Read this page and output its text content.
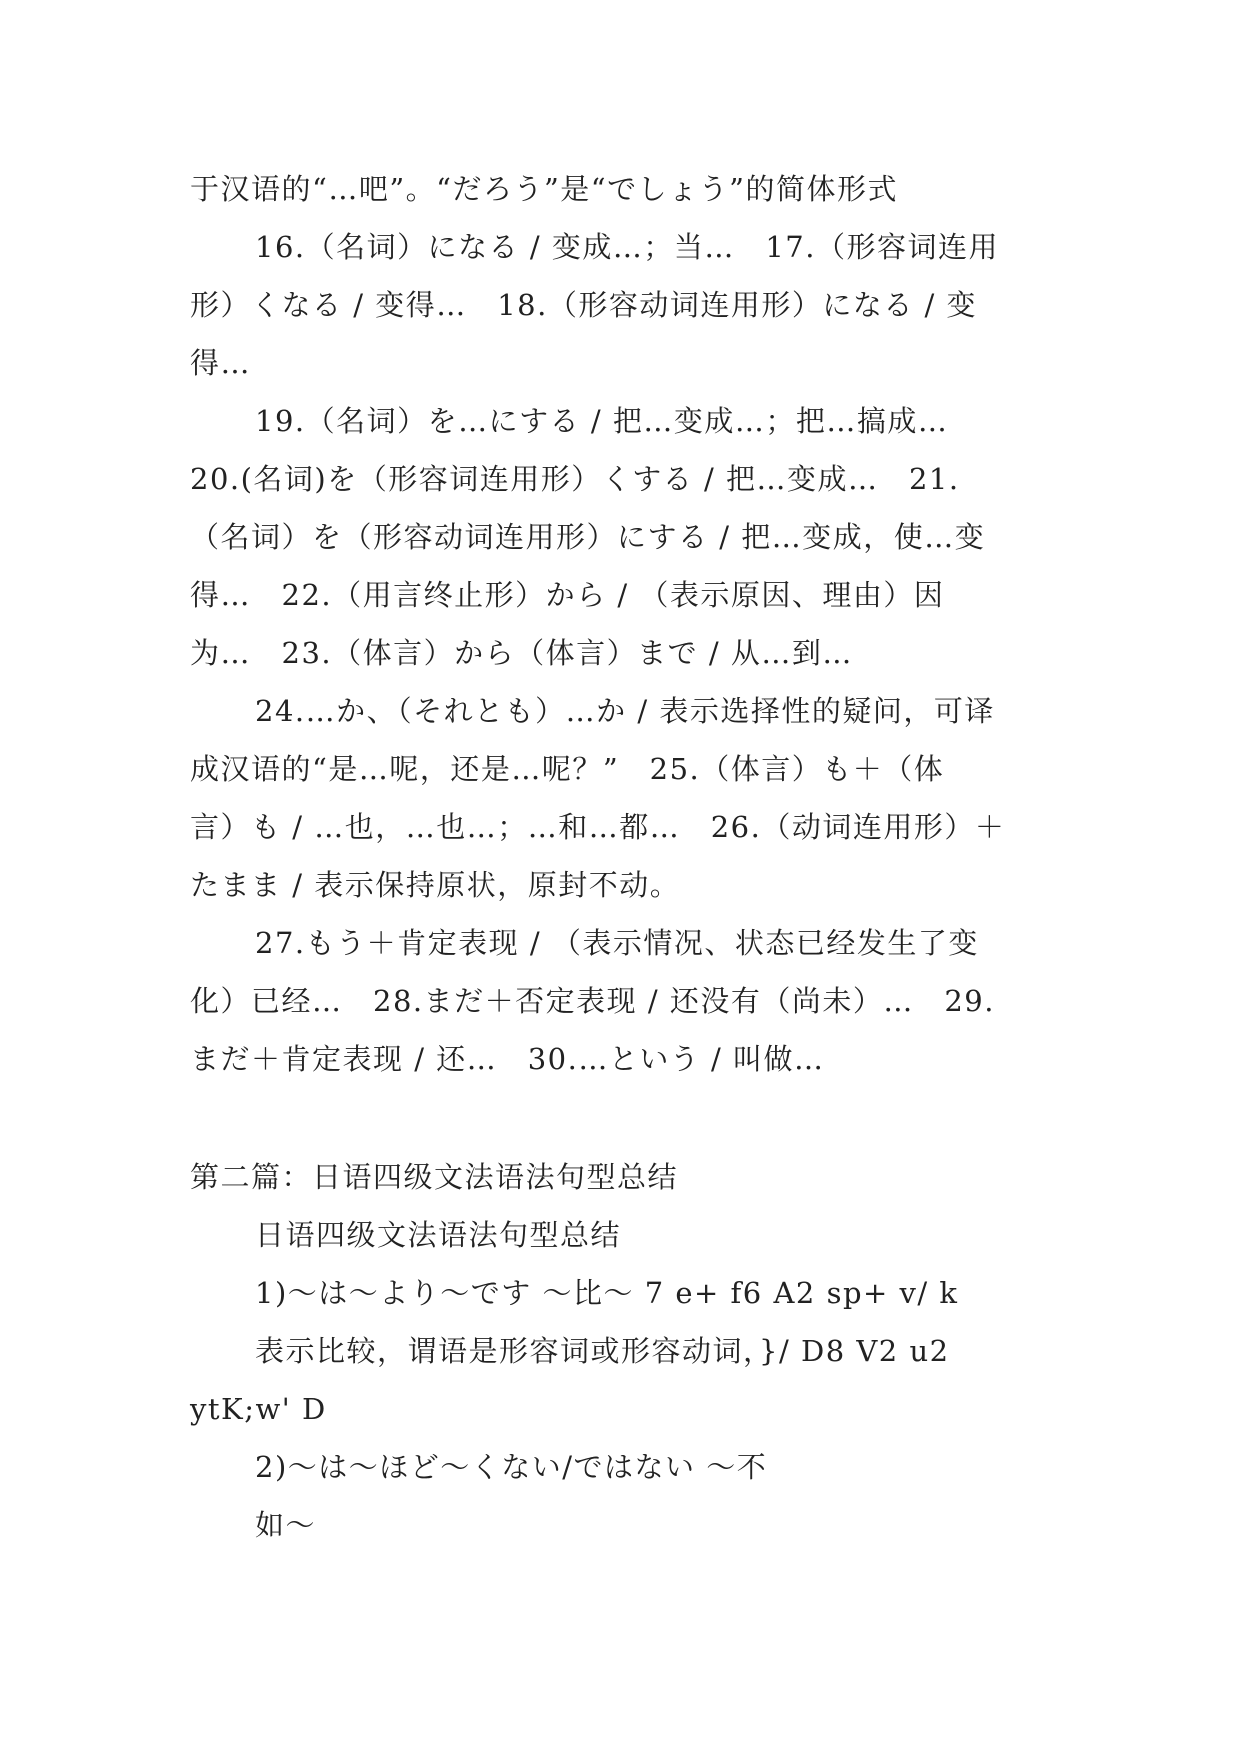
于汉语的“…吧”。“だろう”是“でしょう”的简体形式
16.（名词）になる / 变成…；当…　17.（形容词连用
形）くなる / 变得…　18.（形容动词连用形）になる / 变
得…
19.（名词）を…にする / 把…变成…；把…搞成…
20.(名词)を（形容词连用形）くする / 把…变成…　21.
（名词）を（形容动词连用形）にする / 把…变成，使…变
得…　22.（用言终止形）から / （表示原因、理由）因
为…　23.（体言）から（体言）まで / 从…到…
24.…か、（それとも）…か / 表示选择性的疑问，可译
成汉语的“是…呢，还是…呢？”　25.（体言）も＋（体
言）も / …也，…也…；…和…都…　26.（动词连用形）＋
たまま / 表示保持原状，原封不动。
27.もう＋肯定表现 / （表示情况、状态已经发生了变
化）已经…　28.まだ＋否定表现 / 还没有（尚未）…　29.
まだ＋肯定表现 / 还…　30.…という / 叫做…
第二篇：日语四级文法语法句型总结
日语四级文法语法句型总结
1)～は～より～です ～比～ 7 e+ f6 A2 sp+ v/ k
表示比较，谓语是形容词或形容动词，}/ D8 V2 u2
ytK;w' D
2)～は～ほど～くない/ではない ～不
如～
